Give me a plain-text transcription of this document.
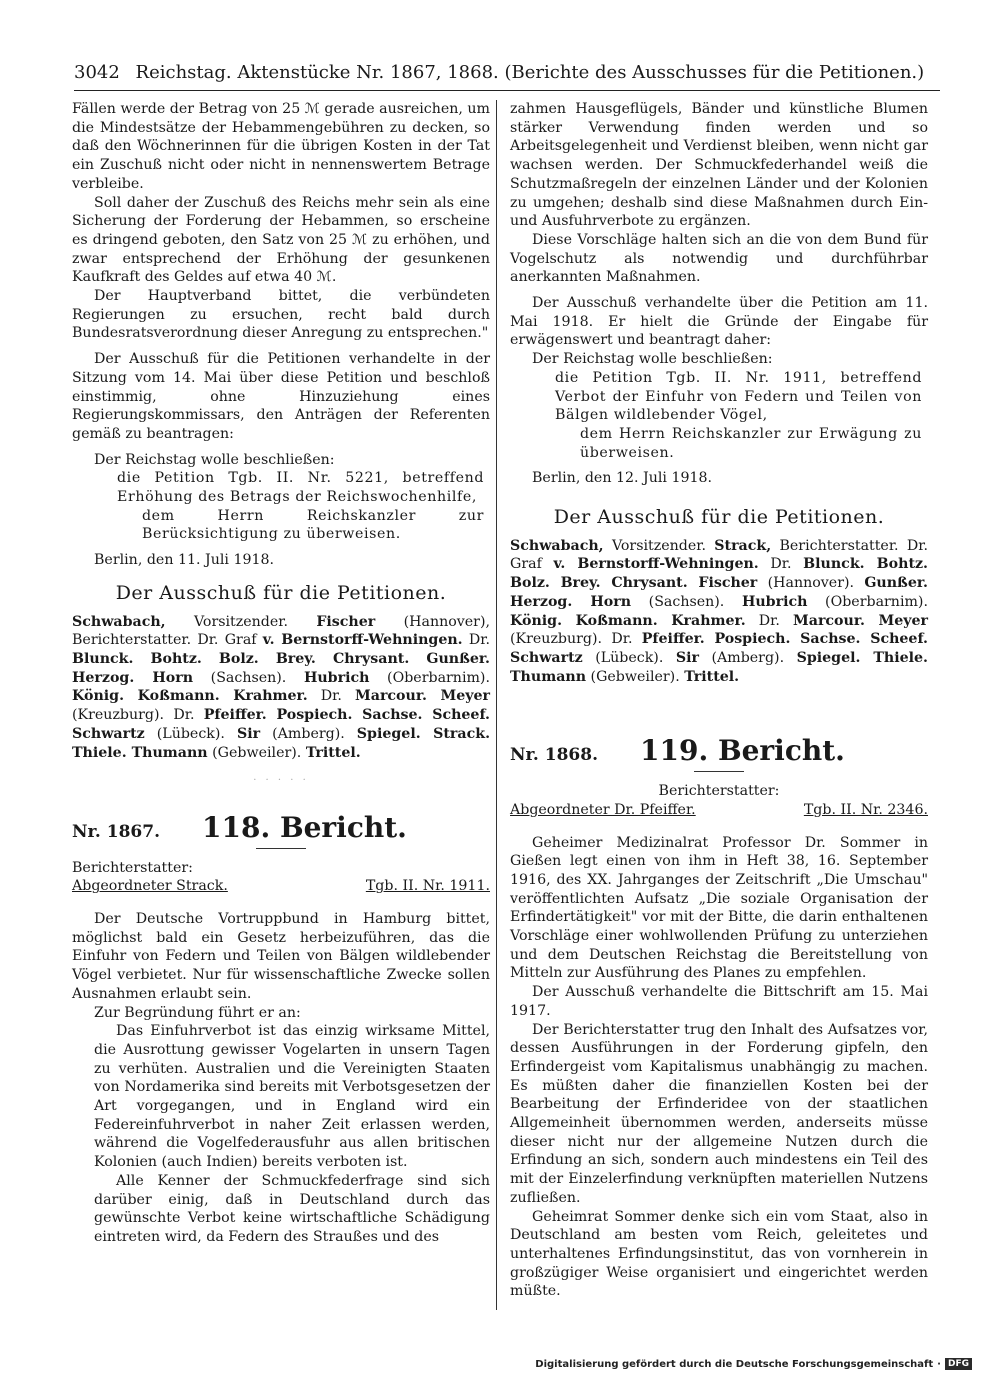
3042 Reichstag. Aktenstücke Nr. 1867, 1868. (Berichte des Ausschusses für die Petitionen.)

Fällen werde der Betrag von 25 ℳ gerade ausreichen, um die Mindestsätze der Hebammengebühren zu decken, so daß den Wöchnerinnen für die übrigen Kosten in der Tat ein Zuschuß nicht oder nicht in nennenswertem Betrage verbleibe.

Soll daher der Zuschuß des Reichs mehr sein als eine Sicherung der Forderung der Hebammen, so erscheine es dringend geboten, den Satz von 25 ℳ zu erhöhen, und zwar entsprechend der Erhöhung der gesunkenen Kaufkraft des Geldes auf etwa 40 ℳ.

Der Hauptverband bittet, die verbündeten Regierungen zu ersuchen, recht bald durch Bundesratsverordnung dieser Anregung zu entsprechen."

Der Ausschuß für die Petitionen verhandelte in der Sitzung vom 14. Mai über diese Petition und beschloß einstimmig, ohne Hinzuziehung eines Regierungskommissars, den Anträgen der Referenten gemäß zu beantragen:

Der Reichstag wolle beschließen:

die Petition Tgb. II. Nr. 5221, betreffend Erhöhung des Betrags der Reichswochenhilfe,

dem Herrn Reichskanzler zur Berücksichtigung zu überweisen.

Berlin, den 11. Juli 1918.

Der Ausschuß für die Petitionen.

Schwabach, Vorsitzender. Fischer (Hannover), Berichterstatter. Dr. Graf v. Bernstorff-Wehningen. Dr. Blunck. Bohtz. Bolz. Brey. Chrysant. Gunßer. Herzog. Horn (Sachsen). Hubrich (Oberbarnim). König. Koßmann. Krahmer. Dr. Marcour. Meyer (Kreuzburg). Dr. Pfeiffer. Pospiech. Sachse. Scheef. Schwartz (Lübeck). Sir (Amberg). Spiegel. Strack. Thiele. Thumann (Gebweiler). Trittel.

· · · · ·
Nr. 1867.	118. Bericht.
Berichterstatter:
Abgeordneter Strack.	Tgb. II. Nr. 1911.

Der Deutsche Vortruppbund in Hamburg bittet, möglichst bald ein Gesetz herbeizuführen, das die Einfuhr von Federn und Teilen von Bälgen wildlebender Vögel verbietet. Nur für wissenschaftliche Zwecke sollen Ausnahmen erlaubt sein.

Zur Begründung führt er an:

Das Einfuhrverbot ist das einzig wirksame Mittel, die Ausrottung gewisser Vogelarten in unsern Tagen zu verhüten. Australien und die Vereinigten Staaten von Nordamerika sind bereits mit Verbotsgesetzen der Art vorgegangen, und in England wird ein Federeinfuhrverbot in naher Zeit erlassen werden, während die Vogelfederausfuhr aus allen britischen Kolonien (auch Indien) bereits verboten ist.

Alle Kenner der Schmuckfederfrage sind sich darüber einig, daß in Deutschland durch das gewünschte Verbot keine wirtschaftliche Schädigung eintreten wird, da Federn des Straußes und des

zahmen Hausgeflügels, Bänder und künstliche Blumen stärker Verwendung finden werden und so Arbeitsgelegenheit und Verdienst bleiben, wenn nicht gar wachsen werden. Der Schmuckfederhandel weiß die Schutzmaßregeln der einzelnen Länder und der Kolonien zu umgehen; deshalb sind diese Maßnahmen durch Ein- und Ausfuhrverbote zu ergänzen.

Diese Vorschläge halten sich an die von dem Bund für Vogelschutz als notwendig und durchführbar anerkannten Maßnahmen.

Der Ausschuß verhandelte über die Petition am 11. Mai 1918. Er hielt die Gründe der Eingabe für erwägenswert und beantragt daher:

Der Reichstag wolle beschließen:

die Petition Tgb. II. Nr. 1911, betreffend Verbot der Einfuhr von Federn und Teilen von Bälgen wildlebender Vögel,

dem Herrn Reichskanzler zur Erwägung zu überweisen.

Berlin, den 12. Juli 1918.

Der Ausschuß für die Petitionen.

Schwabach, Vorsitzender. Strack, Berichterstatter. Dr. Graf v. Bernstorff-Wehningen. Dr. Blunck. Bohtz. Bolz. Brey. Chrysant. Fischer (Hannover). Gunßer. Herzog. Horn (Sachsen). Hubrich (Oberbarnim). König. Koßmann. Krahmer. Dr. Marcour. Meyer (Kreuzburg). Dr. Pfeiffer. Pospiech. Sachse. Scheef. Schwartz (Lübeck). Sir (Amberg). Spiegel. Thiele. Thumann (Gebweiler). Trittel.

Nr. 1868.	119. Bericht.
Berichterstatter:
Abgeordneter Dr. Pfeiffer.	Tgb. II. Nr. 2346.

Geheimer Medizinalrat Professor Dr. Sommer in Gießen legt einen von ihm in Heft 38, 16. September 1916, des XX. Jahrganges der Zeitschrift „Die Umschau" veröffentlichten Aufsatz „Die soziale Organisation der Erfindertätigkeit" vor mit der Bitte, die darin enthaltenen Vorschläge einer wohlwollenden Prüfung zu unterziehen und dem Deutschen Reichstag die Bereitstellung von Mitteln zur Ausführung des Planes zu empfehlen.

Der Ausschuß verhandelte die Bittschrift am 15. Mai 1917.

Der Berichterstatter trug den Inhalt des Aufsatzes vor, dessen Ausführungen in der Forderung gipfeln, den Erfindergeist vom Kapitalismus unabhängig zu machen. Es müßten daher die finanziellen Kosten bei der Bearbeitung der Erfinderidee von der staatlichen Allgemeinheit übernommen werden, anderseits müsse dieser nicht nur der allgemeine Nutzen durch die Erfindung an sich, sondern auch mindestens ein Teil des mit der Einzelerfindung verknüpften materiellen Nutzens zufließen.

Geheimrat Sommer denke sich ein vom Staat, also in Deutschland am besten vom Reich, geleitetes und unterhaltenes Erfindungsinstitut, das von vornherein in großzügiger Weise organisiert und eingerichtet werden müßte.

Digitalisierung gefördert durch die Deutsche Forschungsgemeinschaft · DFG
